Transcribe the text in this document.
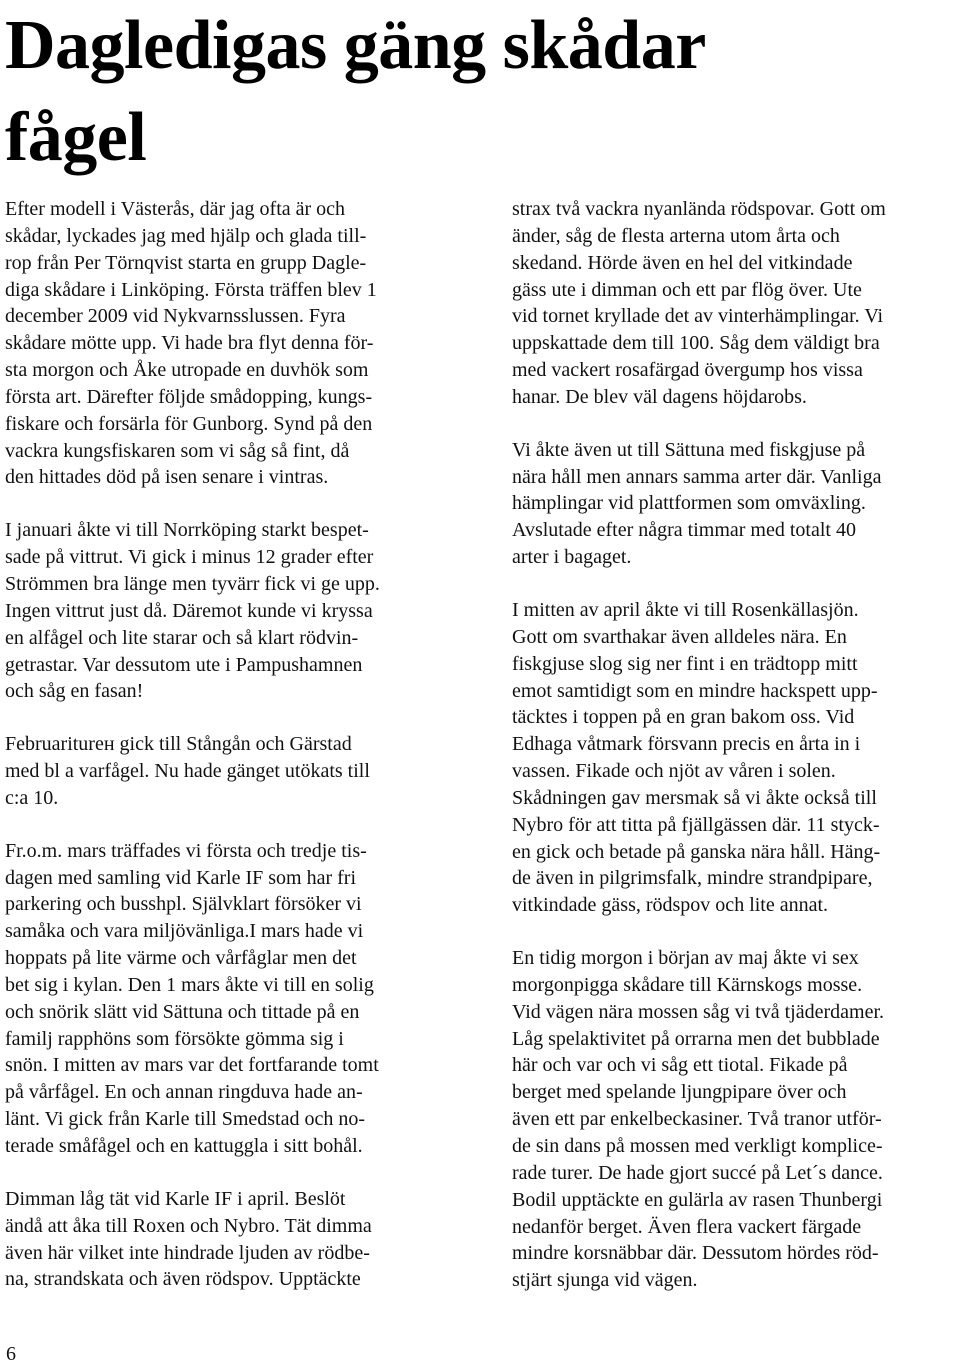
Dagledigas gäng skådar
fågel

Efter modell i Västerås, där jag ofta är och
skådar, lyckades jag med hjälp och glada till-
rop från Per Törnqvist starta en grupp Dagle-
diga skådare i Linköping. Första träffen blev 1
december 2009 vid Nykvarnsslussen. Fyra
skådare mötte upp. Vi hade bra flyt denna för-
sta morgon och Åke utropade en duvhök som
första art. Därefter följde smådopping, kungs-
fiskare och forsärla för Gunborg. Synd på den
vackra kungsfiskaren som vi såg så fint, då
den hittades död på isen senare i vintras.

I januari åkte vi till Norrköping starkt bespet-
sade på vittrut. Vi gick i minus 12 grader efter
Strömmen bra länge men tyvärr fick vi ge upp.
Ingen vittrut just då. Däremot kunde vi kryssa
en alfågel och lite starar och så klart rödvin-
getrastar. Var dessutom ute i Pampushamnen
och såg en fasan!

Februariturен gick till Stångån och Gärstad
med bl a varfågel. Nu hade gänget utökats till
c:a 10.

Fr.o.m. mars träffades vi första och tredje tis-
dagen med samling vid Karle IF som har fri
parkering och busshpl. Självklart försöker vi
samåka och vara miljövänliga.I mars hade vi
hoppats på lite värme och vårfåglar men det
bet sig i kylan. Den 1 mars åkte vi till en solig
och snörik slätt vid Sättuna och tittade på en
familj rapphöns som försökte gömma sig i
snön. I mitten av mars var det fortfarande tomt
på vårfågel. En och annan ringduva hade an-
länt. Vi gick från Karle till Smedstad och no-
terade småfågel och en kattuggla i sitt bohål.

Dimman låg tät vid Karle IF i april. Beslöt
ändå att åka till Roxen och Nybro. Tät dimma
även här vilket inte hindrade ljuden av rödbe-
na, strandskata och även rödspov. Upptäckte

strax två vackra nyanlända rödspovar. Gott om
änder, såg de flesta arterna utom årta och
skedand. Hörde även en hel del vitkindade
gäss ute i dimman och ett par flög över. Ute
vid tornet kryllade det av vinterhämplingar. Vi
uppskattade dem till 100. Såg dem väldigt bra
med vackert rosafärgad övergump hos vissa
hanar. De blev väl dagens höjdarobs.

Vi åkte även ut till Sättuna med fiskgjuse på
nära håll men annars samma arter där. Vanliga
hämplingar vid plattformen som omväxling.
Avslutade efter några timmar med totalt 40
arter i bagaget.

I mitten av april åkte vi till Rosenkällasjön.
Gott om svarthakar även alldeles nära. En
fiskgjuse slog sig ner fint i en trädtopp mitt
emot samtidigt som en mindre hackspett upp-
täcktes i toppen på en gran bakom oss. Vid
Edhaga våtmark försvann precis en årta in i
vassen. Fikade och njöt av våren i solen.
Skådningen gav mersmak så vi åkte också till
Nybro för att titta på fjällgässen där. 11 styck-
en gick och betade på ganska nära håll. Häng-
de även in pilgrimsfalk, mindre strandpipare,
vitkindade gäss, rödspov och lite annat.

En tidig morgon i början av maj åkte vi sex
morgonpigga skådare till Kärnskogs mosse.
Vid vägen nära mossen såg vi två tjäderdamer.
Låg spelaktivitet på orrarna men det bubblade
här och var och vi såg ett tiotal. Fikade på
berget med spelande ljungpipare över och
även ett par enkelbeckasiner. Två tranor utför-
de sin dans på mossen med verkligt komplice-
rade turer. De hade gjort succé på Let´s dance.
Bodil upptäckte en gulärla av rasen Thunbergi
nedanför berget. Även flera vackert färgade
mindre korsnäbbar där. Dessutom hördes röd-
stjärt sjunga vid vägen.

6
